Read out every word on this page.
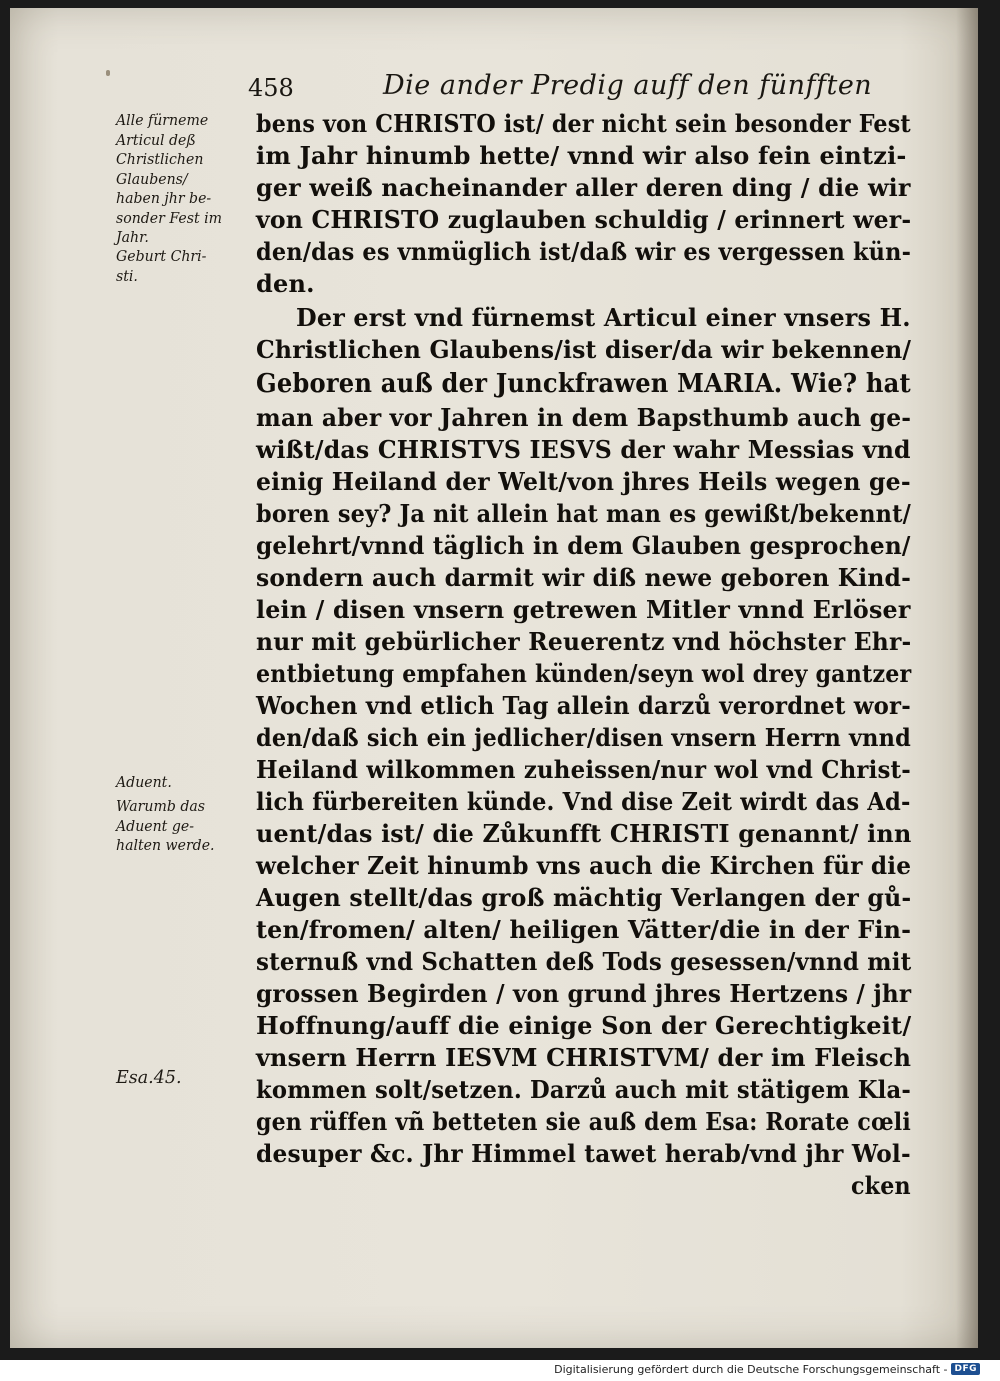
458	Die ander Predig auff den fünfften
Alle fürneme
Articul deß
Christlichen
Glaubens/
haben jhr be-
sonder Fest im
Jahr.
Geburt Chri-
sti.
Aduent.
Warumb das
Aduent ge-
halten werde.
Esa.45.
bens von CHRISTO ist/ der nicht sein besonder Fest
im Jahr hinumb hette/ vnnd wir also fein eintzi-
ger weiß nacheinander aller deren ding / die wir
von CHRISTO zuglauben schuldig / erinnert wer-
den/das es vnmüglich ist/daß wir es vergessen kün-
den.
Der erst vnd fürnemst Articul einer vnsers H.
Christlichen Glaubens/ist diser/da wir bekennen/
Geboren auß der Junckfrawen MARIA. Wie? hat
man aber vor Jahren in dem Bapsthumb auch ge-
wißt/das CHRISTVS IESVS der wahr Messias vnd
einig Heiland der Welt/von jhres Heils wegen ge-
boren sey? Ja nit allein hat man es gewißt/bekennt/
gelehrt/vnnd täglich in dem Glauben gesprochen/
sondern auch darmit wir diß newe geboren Kind-
lein / disen vnsern getrewen Mitler vnnd Erlöser
nur mit gebürlicher Reuerentz vnd höchster Ehr-
entbietung empfahen künden/seyn wol drey gantzer
Wochen vnd etlich Tag allein darzů verordnet wor-
den/daß sich ein jedlicher/disen vnsern Herrn vnnd
Heiland wilkommen zuheissen/nur wol vnd Christ-
lich fürbereiten künde. Vnd dise Zeit wirdt das Ad-
uent/das ist/ die Zůkunfft CHRISTI genannt/ inn
welcher Zeit hinumb vns auch die Kirchen für die
Augen stellt/das groß mächtig Verlangen der gů-
ten/fromen/ alten/ heiligen Vätter/die in der Fin-
sternuß vnd Schatten deß Tods gesessen/vnnd mit
grossen Begirden / von grund jhres Hertzens / jhr
Hoffnung/auff die einige Son der Gerechtigkeit/
vnsern Herrn IESVM CHRISTVM/ der im Fleisch
kommen solt/setzen. Darzů auch mit stätigem Kla-
gen rüffen vñ betteten sie auß dem Esa: Rorate cœli
desuper &c. Jhr Himmel tawet herab/vnd jhr Wol-
cken
Digitalisierung gefördert durch die Deutsche Forschungsgemeinschaft - DFG
